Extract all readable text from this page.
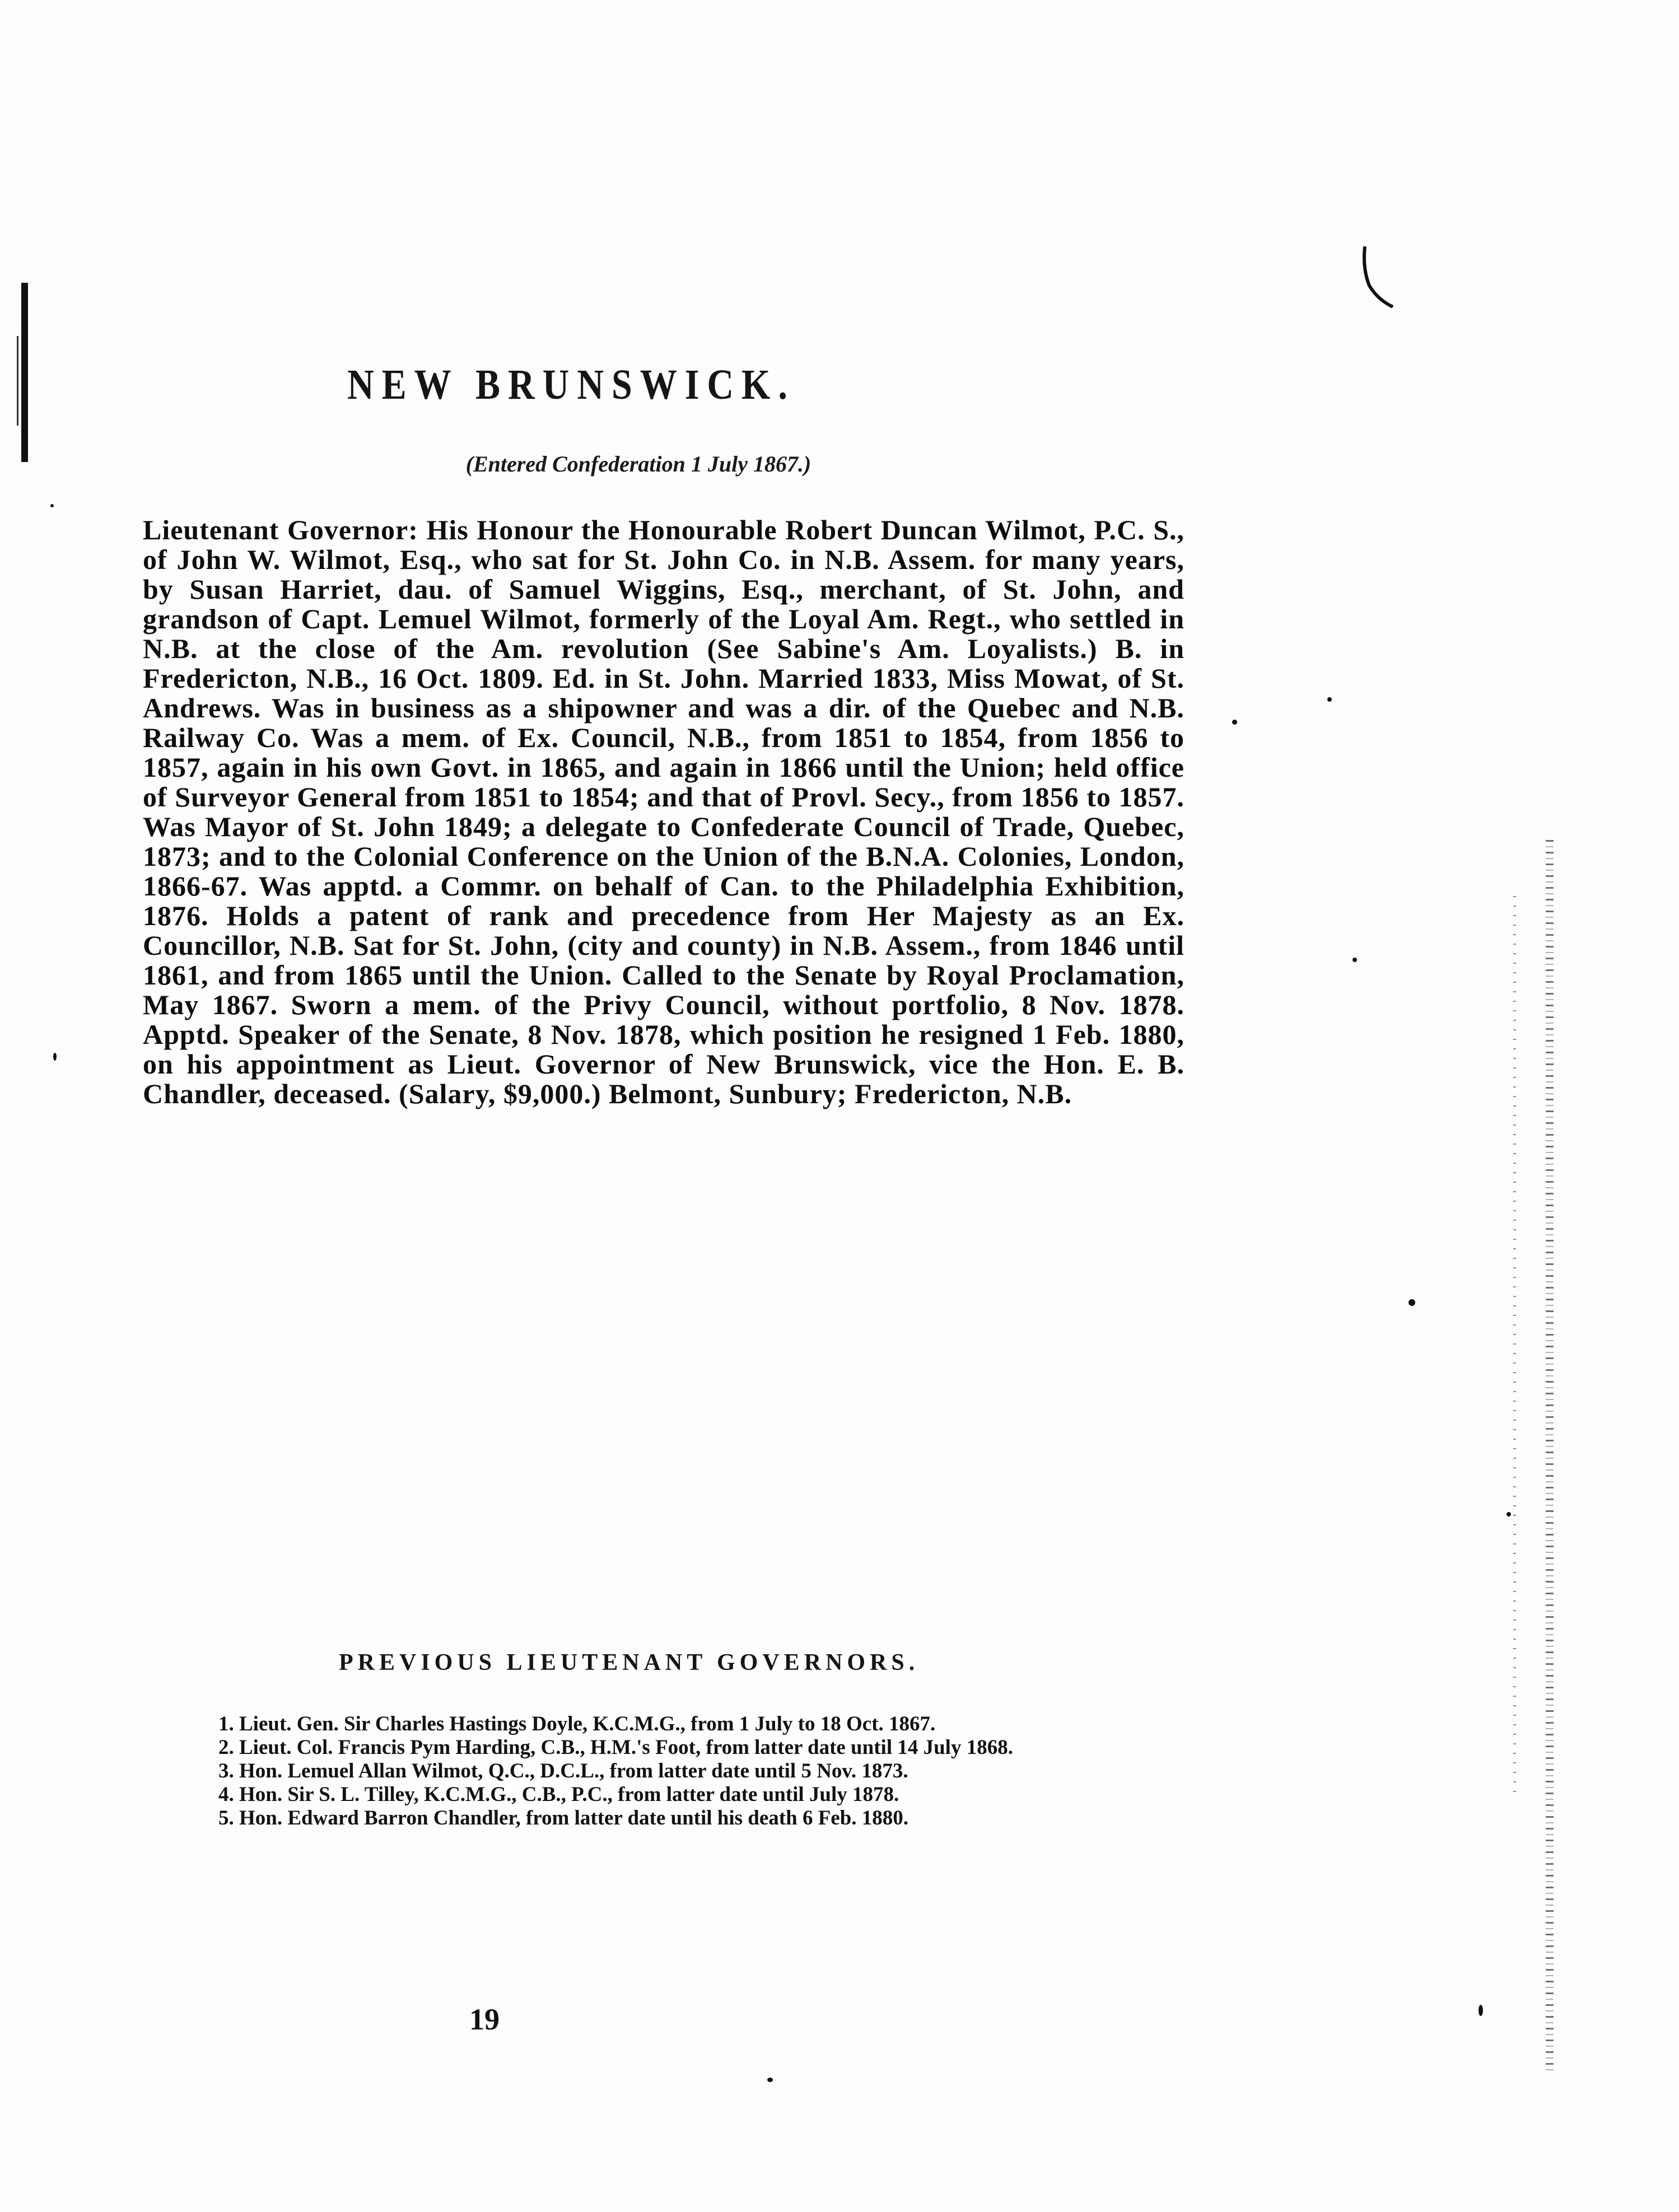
NEW BRUNSWICK.
(Entered Confederation 1 July 1867.)
Lieutenant Governor: His Honour the Honourable Robert Duncan Wilmot, P.C. S., of John W. Wilmot, Esq., who sat for St. John Co. in N.B. Assem. for many years, by Susan Harriet, dau. of Samuel Wiggins, Esq., merchant, of St. John, and grandson of Capt. Lemuel Wilmot, formerly of the Loyal Am. Regt., who settled in N.B. at the close of the Am. revolution (See Sabine's Am. Loyalists.) B. in Fredericton, N.B., 16 Oct. 1809. Ed. in St. John. Married 1833, Miss Mowat, of St. Andrews. Was in business as a shipowner and was a dir. of the Quebec and N.B. Railway Co. Was a mem. of Ex. Council, N.B., from 1851 to 1854, from 1856 to 1857, again in his own Govt. in 1865, and again in 1866 until the Union; held office of Surveyor General from 1851 to 1854; and that of Provl. Secy., from 1856 to 1857. Was Mayor of St. John 1849; a delegate to Confederate Council of Trade, Quebec, 1873; and to the Colonial Conference on the Union of the B.N.A. Colonies, London, 1866-67. Was apptd. a Commr. on behalf of Can. to the Philadelphia Exhibition, 1876. Holds a patent of rank and precedence from Her Majesty as an Ex. Councillor, N.B. Sat for St. John, (city and county) in N.B. Assem., from 1846 until 1861, and from 1865 until the Union. Called to the Senate by Royal Proclamation, May 1867. Sworn a mem. of the Privy Council, without portfolio, 8 Nov. 1878. Apptd. Speaker of the Senate, 8 Nov. 1878, which position he resigned 1 Feb. 1880, on his appointment as Lieut. Governor of New Brunswick, vice the Hon. E. B. Chandler, deceased. (Salary, $9,000.) Belmont, Sunbury; Fredericton, N.B.
PREVIOUS LIEUTENANT GOVERNORS.

1. Lieut. Gen. Sir Charles Hastings Doyle, K.C.M.G., from 1 July to 18 Oct. 1867.

2. Lieut. Col. Francis Pym Harding, C.B., H.M.'s Foot, from latter date until 14 July 1868.

3. Hon. Lemuel Allan Wilmot, Q.C., D.C.L., from latter date until 5 Nov. 1873.

4. Hon. Sir S. L. Tilley, K.C.M.G., C.B., P.C., from latter date until July 1878.

5. Hon. Edward Barron Chandler, from latter date until his death 6 Feb. 1880.

19
